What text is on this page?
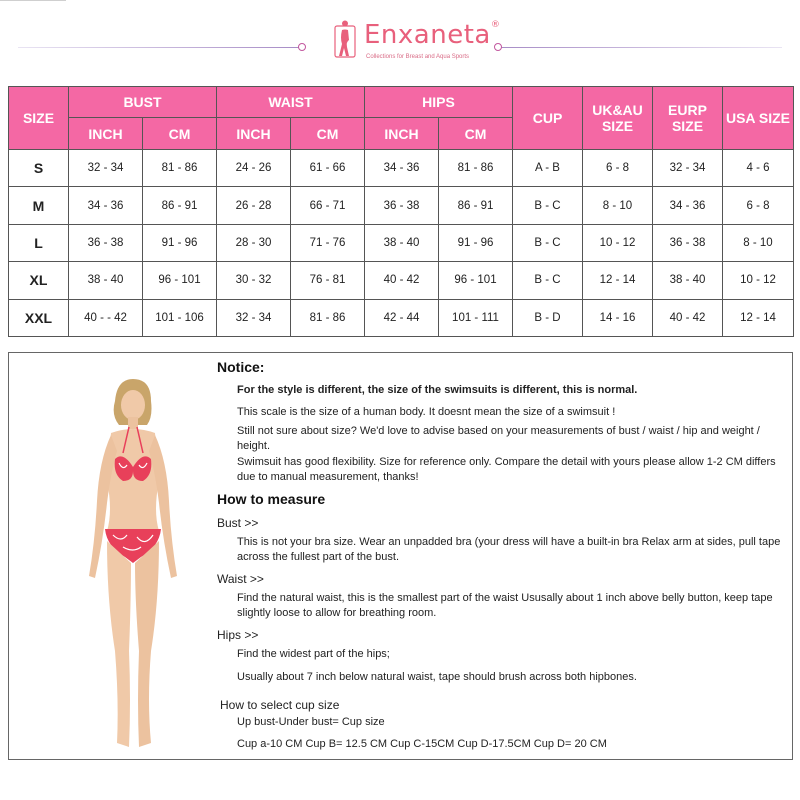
Enxaneta®
Collections for Breast and Aqua Sports
SIZE	BUST		WAIST		HIPS		CUP	UK&AU SIZE	EURP SIZE	USA SIZE
	INCH	CM	INCH	CM	INCH	CM				
S	32 - 34	81 - 86	24 - 26	61 - 66	34 - 36	81 - 86	A - B	6 - 8	32 - 34	4 - 6
M	34 - 36	86 - 91	26 - 28	66 - 71	36 - 38	86 - 91	B - C	8 - 10	34 - 36	6 - 8
L	36 - 38	91 - 96	28 - 30	71 - 76	38 - 40	91 - 96	B - C	10 - 12	36 - 38	8 - 10
XL	38 - 40	96 - 101	30 - 32	76 - 81	40 - 42	96 - 101	B - C	12 - 14	38 - 40	10 - 12
XXL	40 - - 42	101 - 106	32 - 34	81 - 86	42 - 44	101 - 111	B - D	14 - 16	40 - 42	12 - 14
Notice:
For the style is different, the size of the swimsuits is different, this is normal.
This scale is the size of a human body. It doesnt mean the size of a swimsuit !
Still not sure about size? We'd love to advise based on your measurements of bust / waist / hip and weight / height.
Swimsuit has good flexibility. Size for reference only. Compare the detail with yours please allow 1-2 CM differs due to manual measurement, thanks!
How to measure
Bust >>
This is not your bra size. Wear an unpadded bra (your dress will have a built-in bra Relax arm at sides, pull tape across the fullest part of the bust.
Waist >>
Find the natural waist, this is the smallest part of the waist Ususally about 1 inch above belly button, keep tape slightly loose to allow for breathing room.
Hips >>
Find the widest part of the hips;
Usually about 7 inch below natural waist, tape should brush across both hipbones.
How to select cup size
Up bust-Under bust= Cup size
Cup a-10 CM Cup B= 12.5 CM Cup C-15CM Cup D-17.5CM Cup D= 20 CM
